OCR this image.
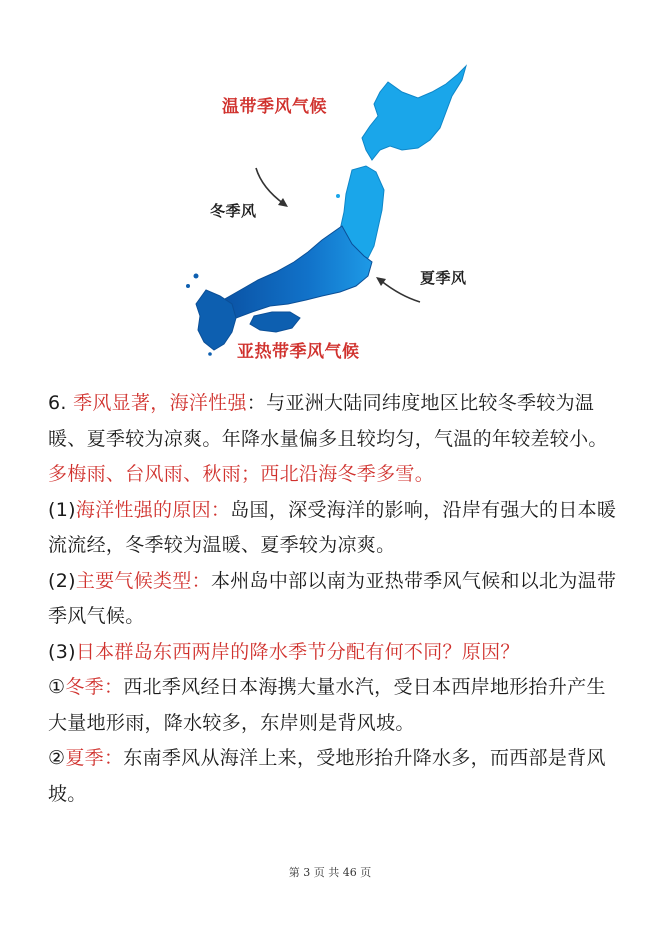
温带季风气候
冬季风
夏季风
亚热带季风气候

6. 季风显著，海洋性强：与亚洲大陆同纬度地区比较冬季较为温暖、夏季较为凉爽。年降水量偏多且较均匀，气温的年较差较小。多梅雨、台风雨、秋雨；西北沿海冬季多雪。

(1)海洋性强的原因：岛国，深受海洋的影响，沿岸有强大的日本暖流流经，冬季较为温暖、夏季较为凉爽。

(2)主要气候类型：本州岛中部以南为亚热带季风气候和以北为温带季风气候。

(3)日本群岛东西两岸的降水季节分配有何不同？原因？

①冬季：西北季风经日本海携大量水汽，受日本西岸地形抬升产生大量地形雨，降水较多，东岸则是背风坡。

②夏季：东南季风从海洋上来，受地形抬升降水多，而西部是背风坡。

第 3 页 共 46 页
